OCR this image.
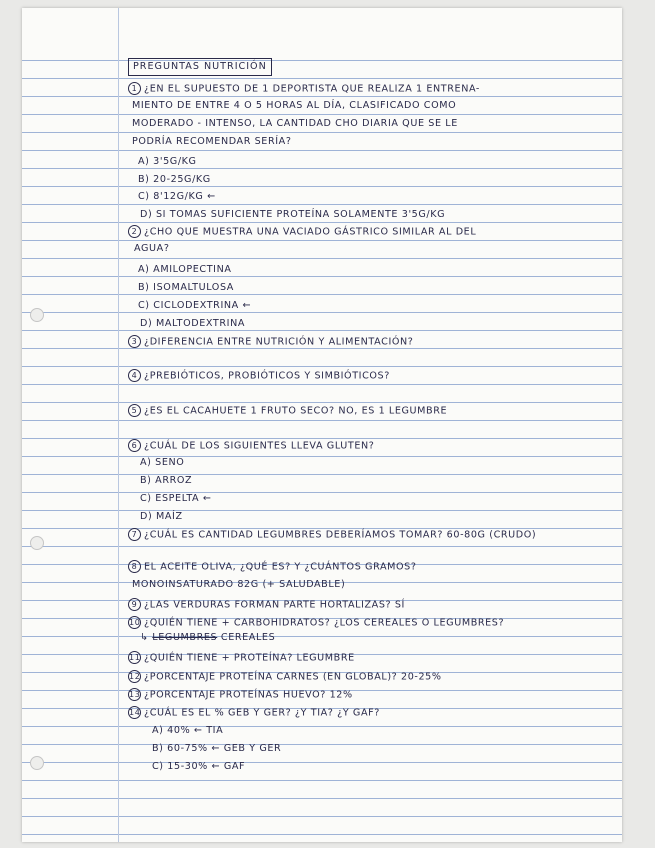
PREGUNTAS NUTRICIÓN
1 ¿EN EL SUPUESTO DE 1 DEPORTISTA QUE REALIZA 1 ENTRENA-
MIENTO DE ENTRE 4 O 5 HORAS AL DÍA, CLASIFICADO COMO
MODERADO - INTENSO, LA CANTIDAD CHO DIARIA QUE SE LE
PODRÍA RECOMENDAR SERÍA?
A) 3'5G/KG
B) 20-25G/KG
C) 8'12G/KG ←
D) SI TOMAS SUFICIENTE PROTEÍNA SOLAMENTE 3'5G/KG
2 ¿CHO QUE MUESTRA UNA VACIADO GÁSTRICO SIMILAR AL DEL
AGUA?
A) AMILOPECTINA
B) ISOMALTULOSA
C) CICLODEXTRINA ←
D) MALTODEXTRINA
3 ¿DIFERENCIA ENTRE NUTRICIÓN Y ALIMENTACIÓN?
4 ¿PREBIÓTICOS, PROBIÓTICOS Y SIMBIÓTICOS?
5 ¿ES EL CACAHUETE 1 FRUTO SECO? NO, ES 1 LEGUMBRE
6 ¿CUÁL DE LOS SIGUIENTES LLEVA GLUTEN?
A) SENO
B) ARROZ
C) ESPELTA ←
D) MAÍZ
7 ¿CUÁL ES CANTIDAD LEGUMBRES DEBERÍAMOS TOMAR? 60-80G (CRUDO)
8 EL ACEITE OLIVA, ¿QUÉ ES? Y ¿CUÁNTOS GRAMOS?
MONOINSATURADO 82G (+ SALUDABLE)
9 ¿LAS VERDURAS FORMAN PARTE HORTALIZAS? SÍ
10 ¿QUIÉN TIENE + CARBOHIDRATOS? ¿LOS CEREALES O LEGUMBRES?
↳ LEGUMBRES CEREALES
11 ¿QUIÉN TIENE + PROTEÍNA? LEGUMBRE
12 ¿PORCENTAJE PROTEÍNA CARNES (EN GLOBAL)? 20-25%
13 ¿PORCENTAJE PROTEÍNAS HUEVO? 12%
14 ¿CUÁL ES EL % GEB Y GER? ¿Y TIA? ¿Y GAF?
A) 40% ← TIA
B) 60-75% ← GEB Y GER
C) 15-30% ← GAF
